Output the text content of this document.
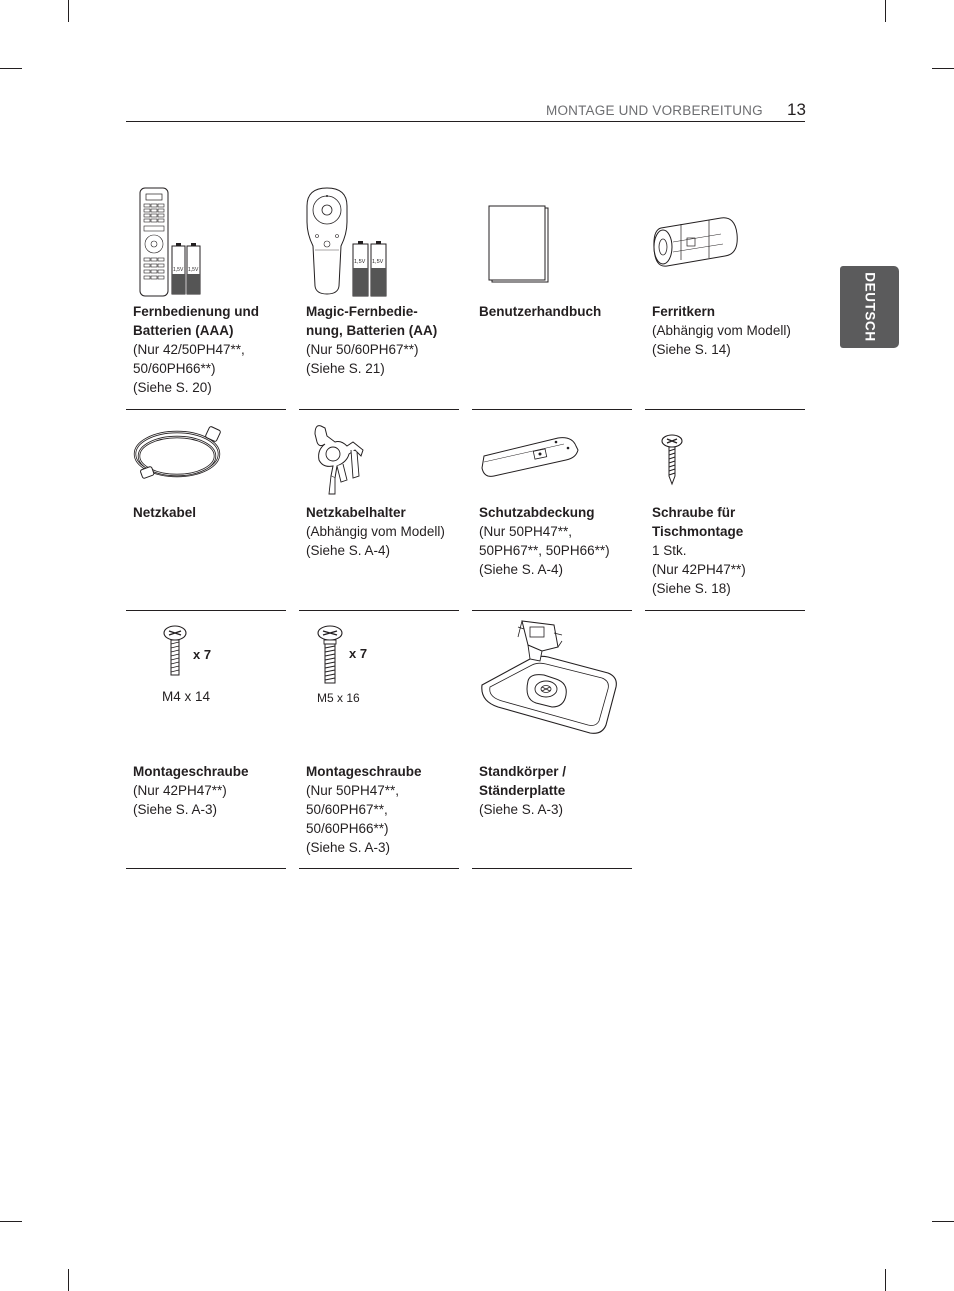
MONTAGE UND VORBEREITUNG 13
DEUTSCH
1,5V 1,5V
Fernbedienung und
Batterien (AAA)
(Nur 42/50PH47**,
50/60PH66**)
(Siehe S. 20)
1,5V 1,5V
Magic-Fernbedie-
nung, Batterien (AA)
(Nur 50/60PH67**)
(Siehe S. 21)
Benutzerhandbuch	Ferritkern
(Abhängig vom Modell)
(Siehe S. 14)
Netzkabel	Netzkabelhalter
(Abhängig vom Modell)
(Siehe S. A-4)
Schutzabdeckung
(Nur 50PH47**,
50PH67**, 50PH66**)
(Siehe S. A-4)
Schraube für
Tischmontage
1 Stk.
(Nur 42PH47**)
(Siehe S. 18)
x 7
M4 x 14
Montageschraube
(Nur 42PH47**)
(Siehe S. A-3)
x 7
M5 x 16
Montageschraube
(Nur 50PH47**,
50/60PH67**,
50/60PH66**)
(Siehe S. A-3)
Standkörper /
Ständerplatte
(Siehe S. A-3)
